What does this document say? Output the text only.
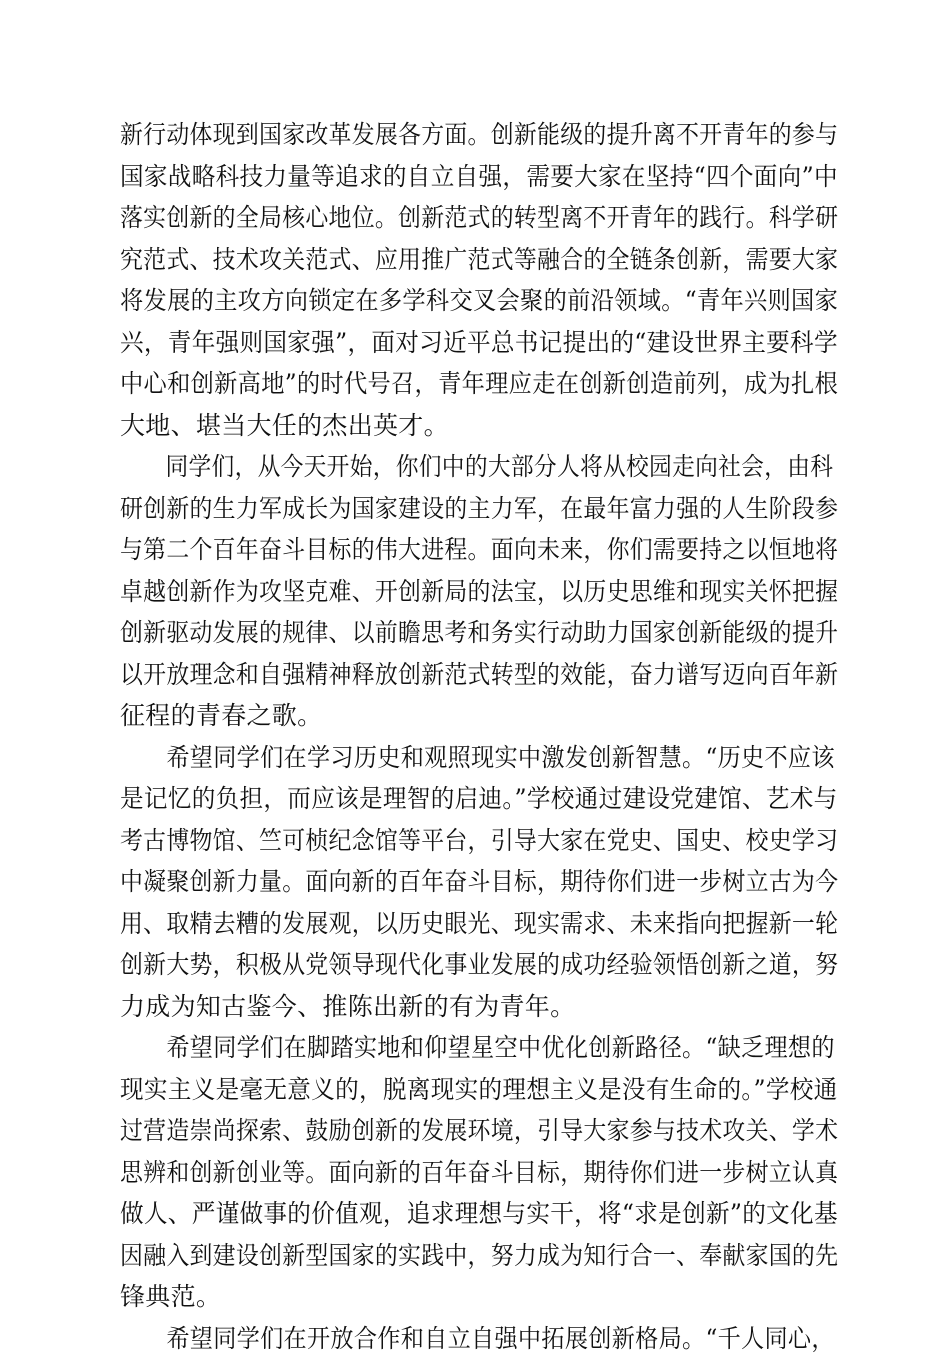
新行动体现到国家改革发展各方面。创新能级的提升离不开青年的参与
国家战略科技力量等追求的自立自强，需要大家在坚持“四个面向”中
落实创新的全局核心地位。创新范式的转型离不开青年的践行。科学研
究范式、技术攻关范式、应用推广范式等融合的全链条创新，需要大家
将发展的主攻方向锁定在多学科交叉会聚的前沿领域。“青年兴则国家
兴，青年强则国家强”，面对习近平总书记提出的“建设世界主要科学
中心和创新高地”的时代号召，青年理应走在创新创造前列，成为扎根
大地、堪当大任的杰出英才。
同学们，从今天开始，你们中的大部分人将从校园走向社会，由科
研创新的生力军成长为国家建设的主力军，在最年富力强的人生阶段参
与第二个百年奋斗目标的伟大进程。面向未来，你们需要持之以恒地将
卓越创新作为攻坚克难、开创新局的法宝，以历史思维和现实关怀把握
创新驱动发展的规律、以前瞻思考和务实行动助力国家创新能级的提升
以开放理念和自强精神释放创新范式转型的效能，奋力谱写迈向百年新
征程的青春之歌。
希望同学们在学习历史和观照现实中激发创新智慧。“历史不应该
是记忆的负担，而应该是理智的启迪。”学校通过建设党建馆、艺术与
考古博物馆、竺可桢纪念馆等平台，引导大家在党史、国史、校史学习
中凝聚创新力量。面向新的百年奋斗目标，期待你们进一步树立古为今
用、取精去糟的发展观，以历史眼光、现实需求、未来指向把握新一轮
创新大势，积极从党领导现代化事业发展的成功经验领悟创新之道，努
力成为知古鉴今、推陈出新的有为青年。
希望同学们在脚踏实地和仰望星空中优化创新路径。“缺乏理想的
现实主义是毫无意义的，脱离现实的理想主义是没有生命的。”学校通
过营造崇尚探索、鼓励创新的发展环境，引导大家参与技术攻关、学术
思辨和创新创业等。面向新的百年奋斗目标，期待你们进一步树立认真
做人、严谨做事的价值观，追求理想与实干，将“求是创新”的文化基
因融入到建设创新型国家的实践中，努力成为知行合一、奉献家国的先
锋典范。
希望同学们在开放合作和自立自强中拓展创新格局。“千人同心，
